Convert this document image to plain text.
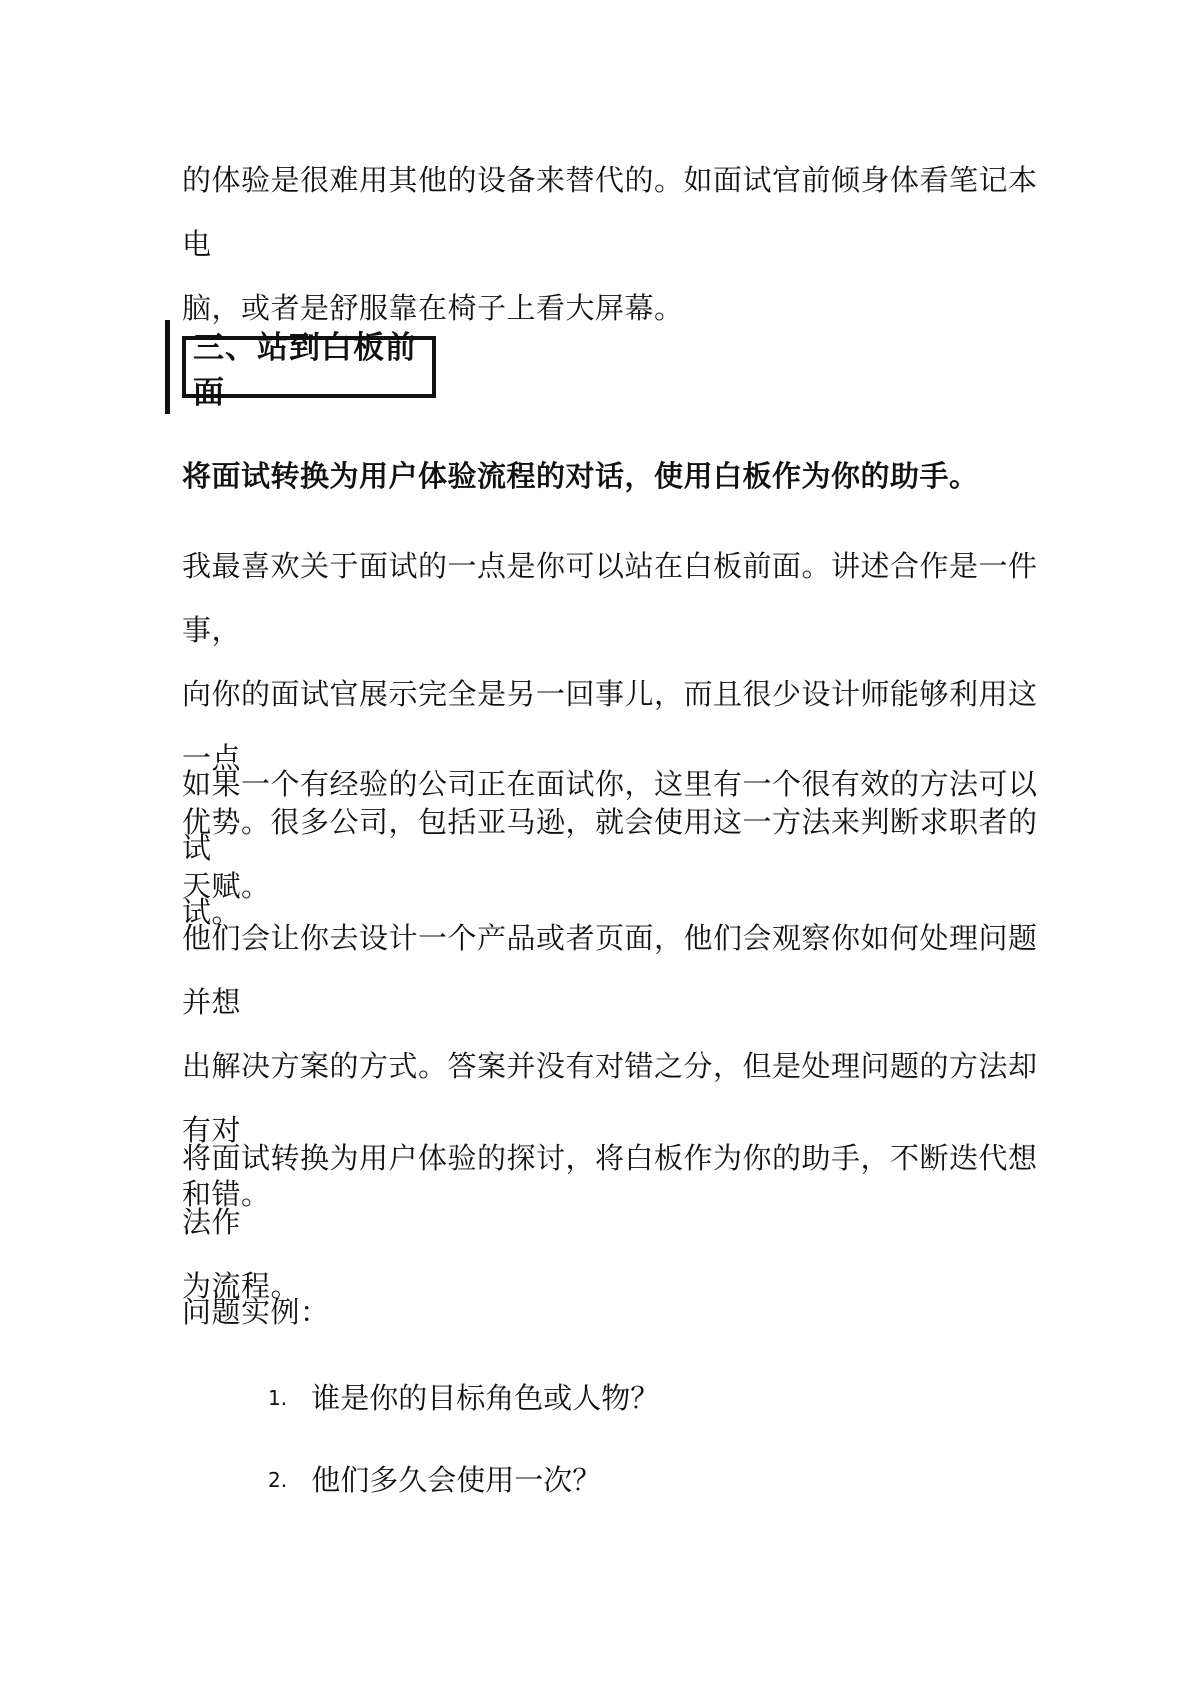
的体验是很难用其他的设备来替代的。如面试官前倾身体看笔记本电
脑，或者是舒服靠在椅子上看大屏幕。

三、站到白板前面

将面试转换为用户体验流程的对话，使用白板作为你的助手。

我最喜欢关于面试的一点是你可以站在白板前面。讲述合作是一件事，
向你的面试官展示完全是另一回事儿，而且很少设计师能够利用这一点
优势。很多公司，包括亚马逊，就会使用这一方法来判断求职者的天赋。

如果一个有经验的公司正在面试你，这里有一个很有效的方法可以试
试。

他们会让你去设计一个产品或者页面，他们会观察你如何处理问题并想
出解决方案的方式。答案并没有对错之分，但是处理问题的方法却有对
和错。

将面试转换为用户体验的探讨，将白板作为你的助手，不断迭代想法作
为流程。

问题实例：

1. 谁是你的目标角色或人物？
2. 他们多久会使用一次？
